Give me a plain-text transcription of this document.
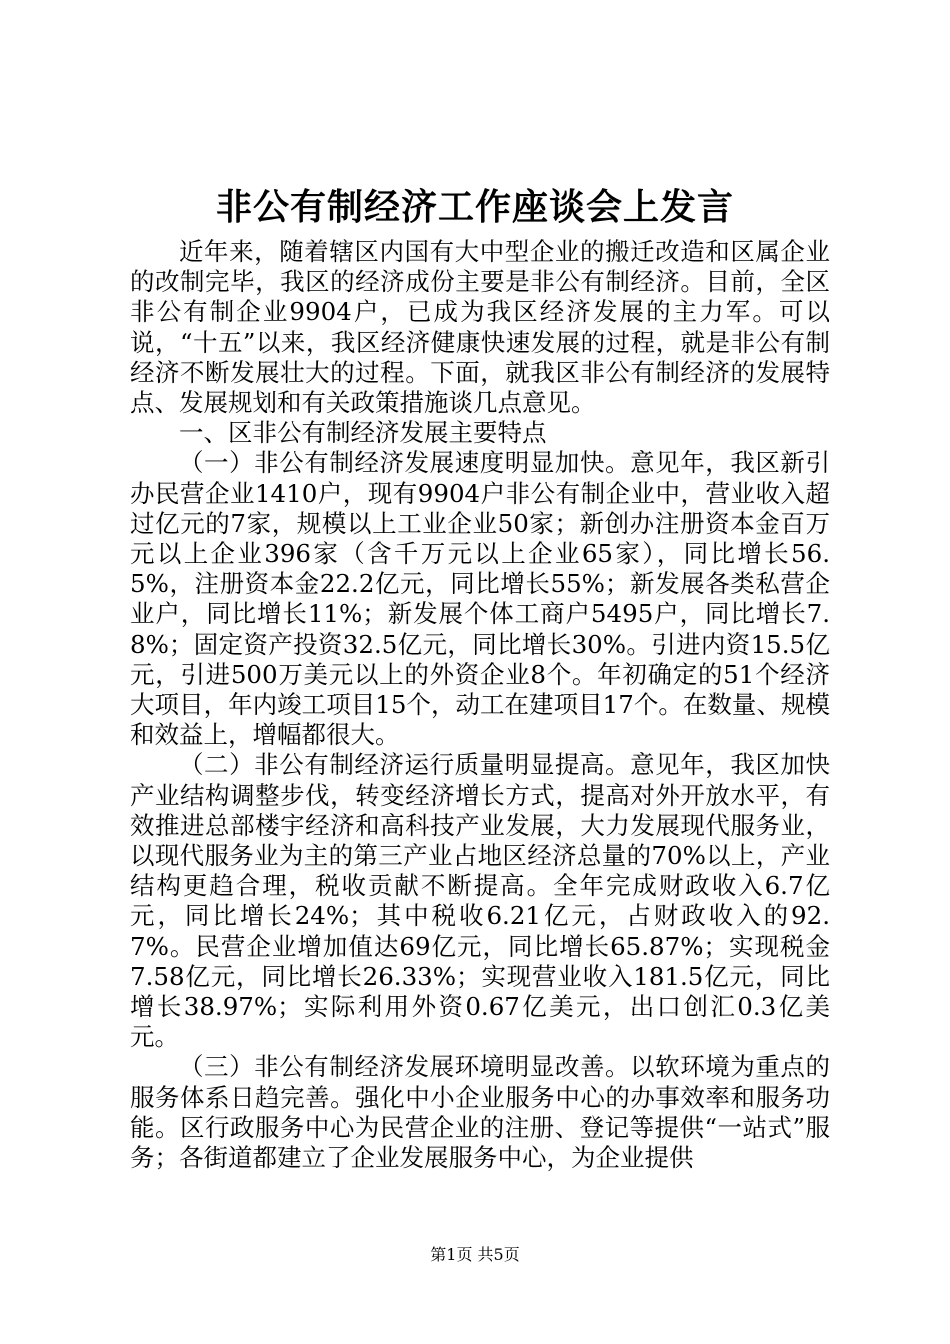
非公有制经济工作座谈会上发言

近年来，随着辖区内国有大中型企业的搬迁改造和区属企业的改制完毕，我区的经济成份主要是非公有制经济。目前，全区非公有制企业9904户，已成为我区经济发展的主力军。可以说，“十五”以来，我区经济健康快速发展的过程，就是非公有制经济不断发展壮大的过程。下面，就我区非公有制经济的发展特点、发展规划和有关政策措施谈几点意见。

一、区非公有制经济发展主要特点

（一）非公有制经济发展速度明显加快。意见年，我区新引办民营企业1410户，现有9904户非公有制企业中，营业收入超过亿元的7家，规模以上工业企业50家；新创办注册资本金百万元以上企业396家（含千万元以上企业65家），同比增长56.5%，注册资本金22.2亿元，同比增长55%；新发展各类私营企业户，同比增长11%；新发展个体工商户5495户，同比增长7.8%；固定资产投资32.5亿元，同比增长30%。引进内资15.5亿元，引进500万美元以上的外资企业8个。年初确定的51个经济大项目，年内竣工项目15个，动工在建项目17个。在数量、规模和效益上，增幅都很大。

（二）非公有制经济运行质量明显提高。意见年，我区加快产业结构调整步伐，转变经济增长方式，提高对外开放水平，有效推进总部楼宇经济和高科技产业发展，大力发展现代服务业，以现代服务业为主的第三产业占地区经济总量的70%以上，产业结构更趋合理，税收贡献不断提高。全年完成财政收入6.7亿元，同比增长24%；其中税收6.21亿元，占财政收入的92.7%。民营企业增加值达69亿元，同比增长65.87%；实现税金7.58亿元，同比增长26.33%；实现营业收入181.5亿元，同比增长38.97%；实际利用外资0.67亿美元，出口创汇0.3亿美元。

（三）非公有制经济发展环境明显改善。以软环境为重点的服务体系日趋完善。强化中小企业服务中心的办事效率和服务功能。区行政服务中心为民营企业的注册、登记等提供“一站式”服务；各街道都建立了企业发展服务中心，为企业提供

第1页 共5页
